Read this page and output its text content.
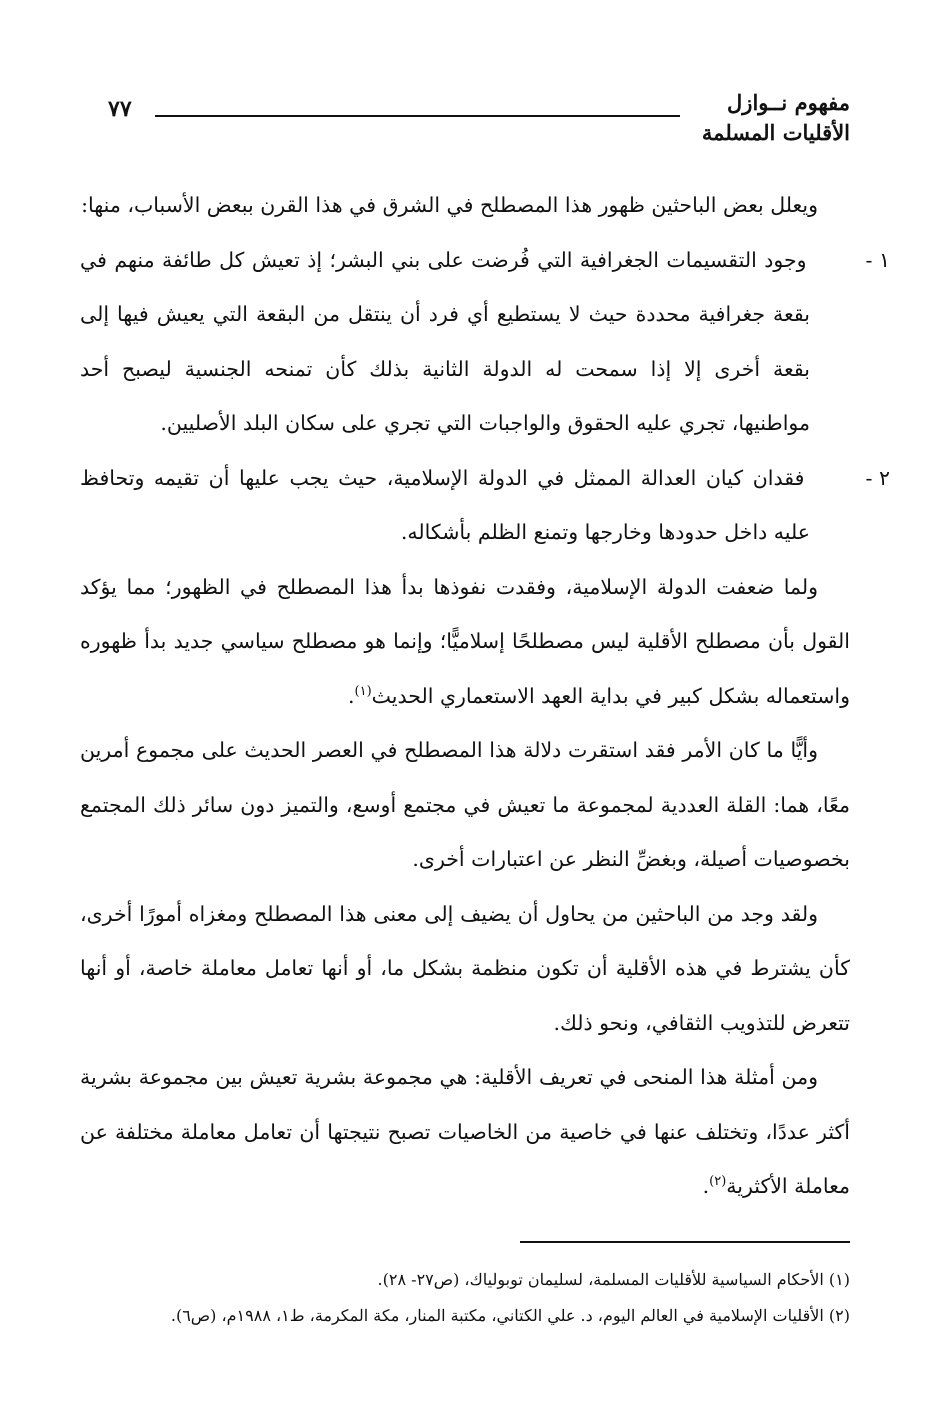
مفهوم نــوازل
الأقليات المسلمة
٧٧

ويعلل بعض الباحثين ظهور هذا المصطلح في الشرق في هذا القرن ببعض الأسباب، منها:

١ - وجود التقسيمات الجغرافية التي فُرضت على بني البشر؛ إذ تعيش كل طائفة منهم في بقعة جغرافية محددة حيث لا يستطيع أي فرد أن ينتقل من البقعة التي يعيش فيها إلى بقعة أخرى إلا إذا سمحت له الدولة الثانية بذلك كأن تمنحه الجنسية ليصبح أحد مواطنيها، تجري عليه الحقوق والواجبات التي تجري على سكان البلد الأصليين.
٢ - فقدان كيان العدالة الممثل في الدولة الإسلامية، حيث يجب عليها أن تقيمه وتحافظ عليه داخل حدودها وخارجها وتمنع الظلم بأشكاله.

ولما ضعفت الدولة الإسلامية، وفقدت نفوذها بدأ هذا المصطلح في الظهور؛ مما يؤكد القول بأن مصطلح الأقلية ليس مصطلحًا إسلاميًّا؛ وإنما هو مصطلح سياسي جديد بدأ ظهوره واستعماله بشكل كبير في بداية العهد الاستعماري الحديث$^{(١)}$.

وأيًّا ما كان الأمر فقد استقرت دلالة هذا المصطلح في العصر الحديث على مجموع أمرين معًا، هما: القلة العددية لمجموعة ما تعيش في مجتمع أوسع، والتميز دون سائر ذلك المجتمع بخصوصيات أصيلة، وبغضِّ النظر عن اعتبارات أخرى.

ولقد وجد من الباحثين من يحاول أن يضيف إلى معنى هذا المصطلح ومغزاه أمورًا أخرى، كأن يشترط في هذه الأقلية أن تكون منظمة بشكل ما، أو أنها تعامل معاملة خاصة، أو أنها تتعرض للتذويب الثقافي، ونحو ذلك.

ومن أمثلة هذا المنحى في تعريف الأقلية: هي مجموعة بشرية تعيش بين مجموعة بشرية أكثر عددًا، وتختلف عنها في خاصية من الخاصيات تصبح نتيجتها أن تعامل معاملة مختلفة عن معاملة الأكثرية$^{(٢)}$.

(١) الأحكام السياسية للأقليات المسلمة، لسليمان توبولياك، (ص٢٧- ٢٨).
(٢) الأقليات الإسلامية في العالم اليوم، د. علي الكتاني، مكتبة المنار، مكة المكرمة، ط١، ١٩٨٨م، (ص٦).
